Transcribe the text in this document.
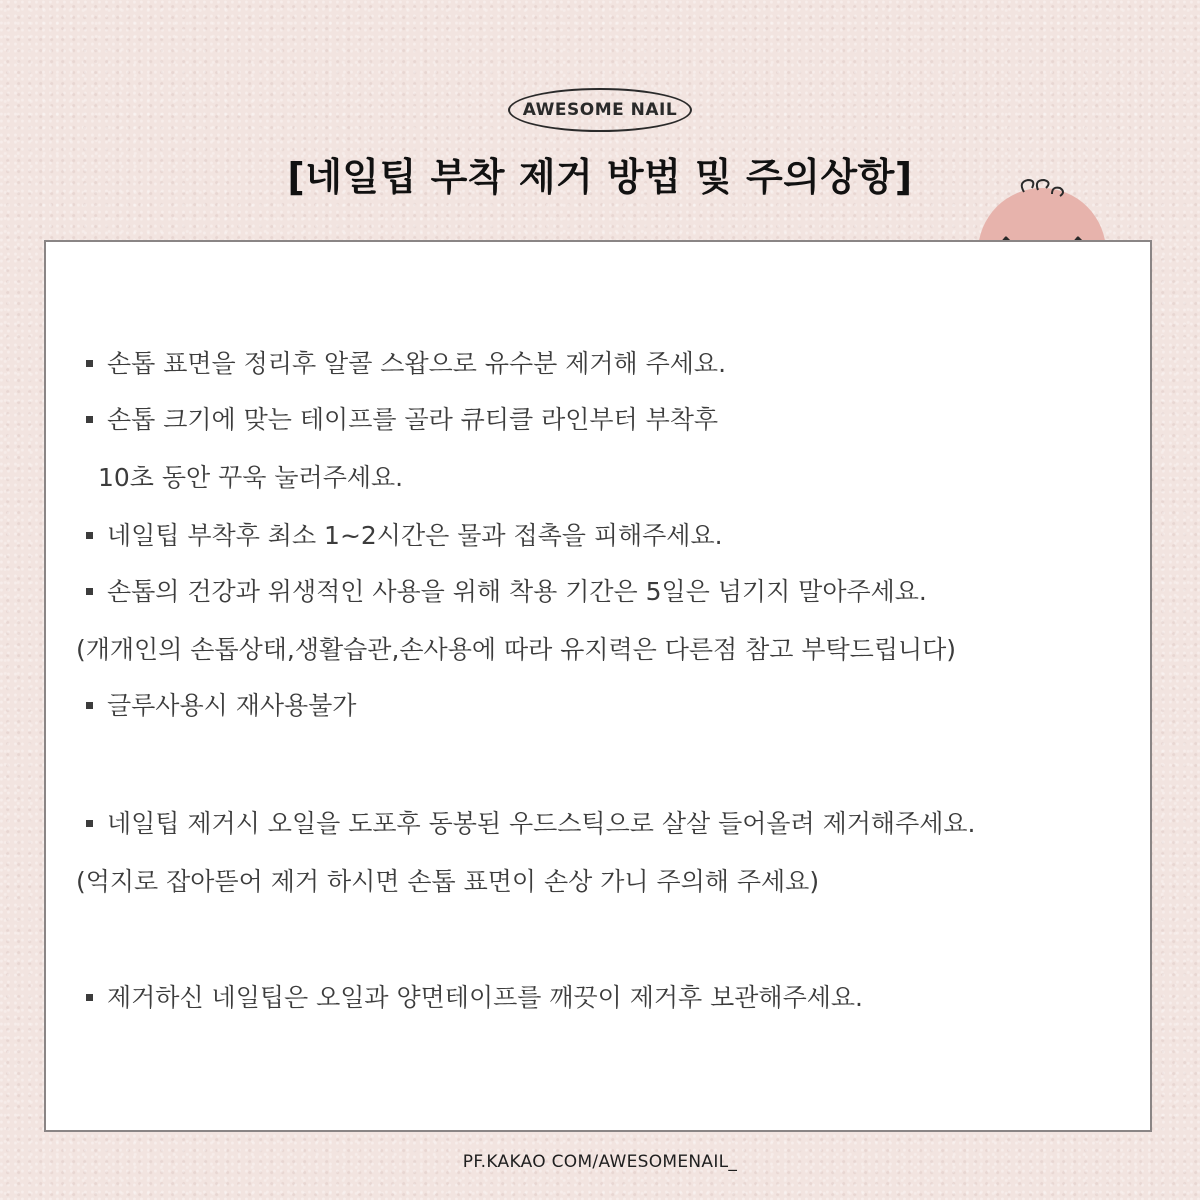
AWESOME NAIL
[네일팁 부착 제거 방법 및 주의상항]
손톱 표면을 정리후 알콜 스왑으로 유수분 제거해 주세요.
손톱 크기에 맞는 테이프를 골라 큐티클 라인부터 부착후
10초 동안 꾸욱 눌러주세요.
네일팁 부착후 최소 1~2시간은 물과 접촉을 피해주세요.
손톱의 건강과 위생적인 사용을 위해 착용 기간은 5일은 넘기지 말아주세요.
(개개인의 손톱상태,생활습관,손사용에 따라 유지력은 다른점 참고 부탁드립니다)
글루사용시 재사용불가
네일팁 제거시 오일을 도포후 동봉된 우드스틱으로 살살 들어올려 제거해주세요.
(억지로 잡아뜯어 제거 하시면 손톱 표면이 손상 가니 주의해 주세요)
제거하신 네일팁은 오일과 양면테이프를 깨끗이 제거후 보관해주세요.
PF.KAKAO COM/AWESOMENAIL_
